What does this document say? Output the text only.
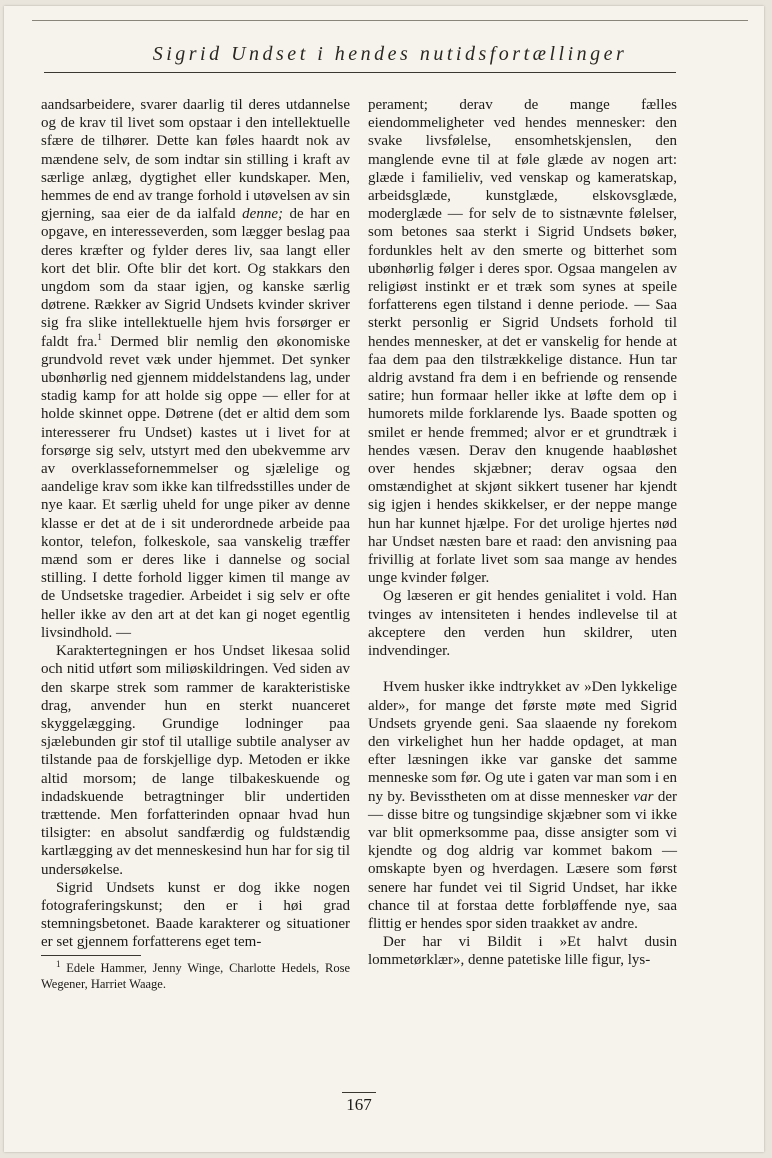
Sigrid Undset i hendes nutidsfortællinger

aandsarbeidere, svarer daarlig til deres utdannelse og de krav til livet som opstaar i den intellektuelle sfære de tilhører. Dette kan føles haardt nok av mændene selv, de som indtar sin stilling i kraft av særlige anlæg, dygtighet eller kundskaper. Men, hemmes de end av trange forhold i utøvelsen av sin gjerning, saa eier de da ialfald denne; de har en opgave, en interesseverden, som lægger beslag paa deres kræfter og fylder deres liv, saa langt eller kort det blir. Ofte blir det kort. Og stakkars den ungdom som da staar igjen, og kanske særlig døtrene. Rækker av Sigrid Undsets kvinder skriver sig fra slike intellektuelle hjem hvis forsørger er faldt fra.$^1$ Dermed blir nemlig den økonomiske grundvold revet væk under hjemmet. Det synker ubønhørlig ned gjennem middelstandens lag, under stadig kamp for att holde sig oppe — eller for at holde skinnet oppe. Døtrene (det er altid dem som interesserer fru Undset) kastes ut i livet for at forsørge sig selv, utstyrt med den ubekvemme arv av overklassefornemmelser og sjælelige og aandelige krav som ikke kan tilfredsstilles under de nye kaar. Et særlig uheld for unge piker av denne klasse er det at de i sit underordnede arbeide paa kontor, telefon, folkeskole, saa vanskelig træffer mænd som er deres like i dannelse og social stilling. I dette forhold ligger kimen til mange av de Undsetske tragedier. Arbeidet i sig selv er ofte heller ikke av den art at det kan gi noget egentlig livsindhold. —

Karaktertegningen er hos Undset likesaa solid och nitid utført som miliøskildringen. Ved siden av den skarpe strek som rammer de karakteristiske drag, anvender hun en sterkt nuanceret skyggelægging. Grundige lodninger paa sjælebunden gir stof til utallige subtile analyser av tilstande paa de forskjellige dyp. Metoden er ikke altid morsom; de lange tilbakeskuende og indadskuende betragtninger blir undertiden trættende. Men forfatterinden opnaar hvad hun tilsigter: en absolut sandfærdig og fuldstændig kartlægging av det menneskesind hun har for sig til undersøkelse.

Sigrid Undsets kunst er dog ikke nogen fotograferingskunst; den er i høi grad stemningsbetonet. Baade karakterer og situationer er set gjennem forfatterens eget tem-

$^1$ Edele Hammer, Jenny Winge, Charlotte Hedels, Rose Wegener, Harriet Waage.

perament; derav de mange fælles eiendommeligheter ved hendes mennesker: den svake livsfølelse, ensomhetskjenslen, den manglende evne til at føle glæde av nogen art: glæde i familieliv, ved venskap og kameratskap, arbeidsglæde, kunstglæde, elskovsglæde, moderglæde — for selv de to sistnævnte følelser, som betones saa sterkt i Sigrid Undsets bøker, fordunkles helt av den smerte og bitterhet som ubønhørlig følger i deres spor. Ogsaa mangelen av religiøst instinkt er et træk som synes at speile forfatterens egen tilstand i denne periode. — Saa sterkt personlig er Sigrid Undsets forhold til hendes mennesker, at det er vanskelig for hende at faa dem paa den tilstrækkelige distance. Hun tar aldrig avstand fra dem i en befriende og rensende satire; hun formaar heller ikke at løfte dem op i humorets milde forklarende lys. Baade spotten og smilet er hende fremmed; alvor er et grundtræk i hendes væsen. Derav den knugende haabløshet over hendes skjæbner; derav ogsaa den omstændighet at skjønt sikkert tusener har kjendt sig igjen i hendes skikkelser, er der neppe mange hun har kunnet hjælpe. For det urolige hjertes nød har Undset næsten bare et raad: den anvisning paa frivillig at forlate livet som saa mange av hendes unge kvinder følger.

Og læseren er git hendes genialitet i vold. Han tvinges av intensiteten i hendes indlevelse til at akceptere den verden hun skildrer, uten indvendinger.

Hvem husker ikke indtrykket av »Den lykkelige alder», for mange det første møte med Sigrid Undsets gryende geni. Saa slaaende ny forekom den virkelighet hun her hadde opdaget, at man efter læsningen ikke var ganske det samme menneske som før. Og ute i gaten var man som i en ny by. Bevisstheten om at disse mennesker var der — disse bitre og tungsindige skjæbner som vi ikke var blit opmerksomme paa, disse ansigter som vi kjendte og dog aldrig var kommet bakom — omskapte byen og hverdagen. Læsere som først senere har fundet vei til Sigrid Undset, har ikke chance til at forstaa dette forbløffende nye, saa flittig er hendes spor siden traakket av andre.

Der har vi Bildit i »Et halvt dusin lommetørklær», denne patetiske lille figur, lys-

167
